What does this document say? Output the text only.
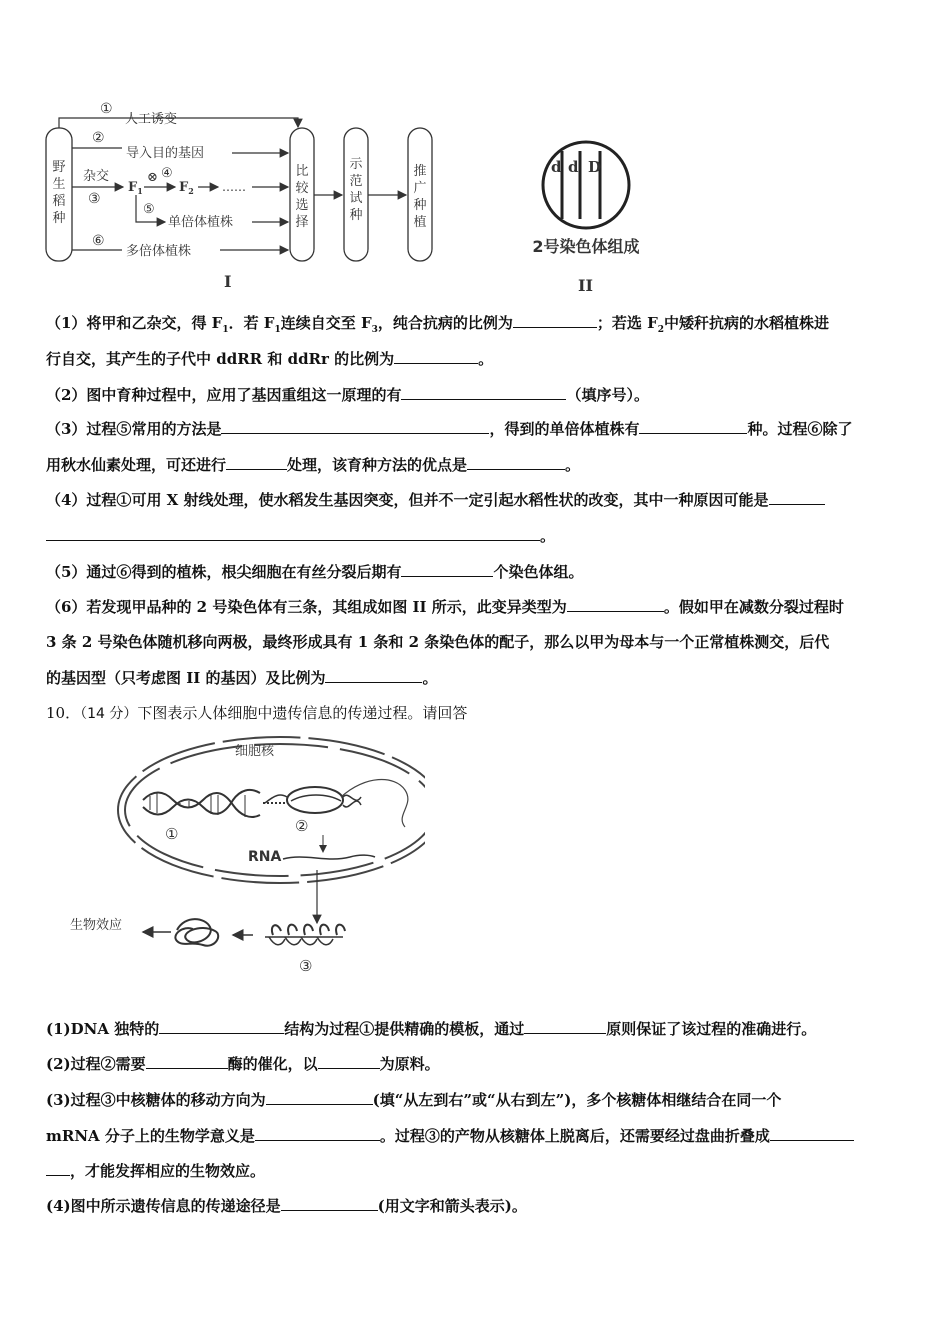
野
生
稻
种
①
人工诱变
②
导入目的基因
杂交
③
$F_1$
⊗ ④
$F_2$ ……
⑤
单倍体植株
⑥
多倍体植株
比较选择
示范试种
推广种植
I
d d D
2号染色体组成
II
（1）将甲和乙杂交，得 $F_1$．若 $F_1$连续自交至 $F_3$，纯合抗病的比例为	；若选 $F_2$中矮秆抗病的水稻植株进
行自交，其产生的子代中 ddRR 和 ddRr 的比例为	。
（2）图中育种过程中，应用了基因重组这一原理的有	（填序号）。
（3）过程⑤常用的方法是	，得到的单倍体植株有	种。过程⑥除了
用秋水仙素处理，可还进行	处理，该育种方法的优点是	。
（4）过程①可用 X 射线处理，使水稻发生基因突变，但并不一定引起水稻性状的改变，其中一种原因可能是
。
（5）通过⑥得到的植株，根尖细胞在有丝分裂后期有	个染色体组。
（6）若发现甲品种的 2 号染色体有三条，其组成如图 II 所示，此变异类型为	。假如甲在减数分裂过程时
3 条 2 号染色体随机移向两极，最终形成具有 1 条和 2 条染色体的配子，那么以甲为母本与一个正常植株测交，后代
的基因型（只考虑图 II 的基因）及比例为	。
10．（14 分）下图表示人体细胞中遗传信息的传递过程。请回答
细胞核
①	②
RNA
③
生物效应
(1)DNA 独特的	结构为过程①提供精确的模板，通过	原则保证了该过程的准确进行。
(2)过程②需要	酶的催化，以	为原料。
(3)过程③中核糖体的移动方向为	(填“从左到右”或“从右到左”)，多个核糖体相继结合在同一个
mRNA 分子上的生物学意义是	。过程③的产物从核糖体上脱离后，还需要经过盘曲折叠成
，才能发挥相应的生物效应。
(4)图中所示遗传信息的传递途径是	(用文字和箭头表示)。
